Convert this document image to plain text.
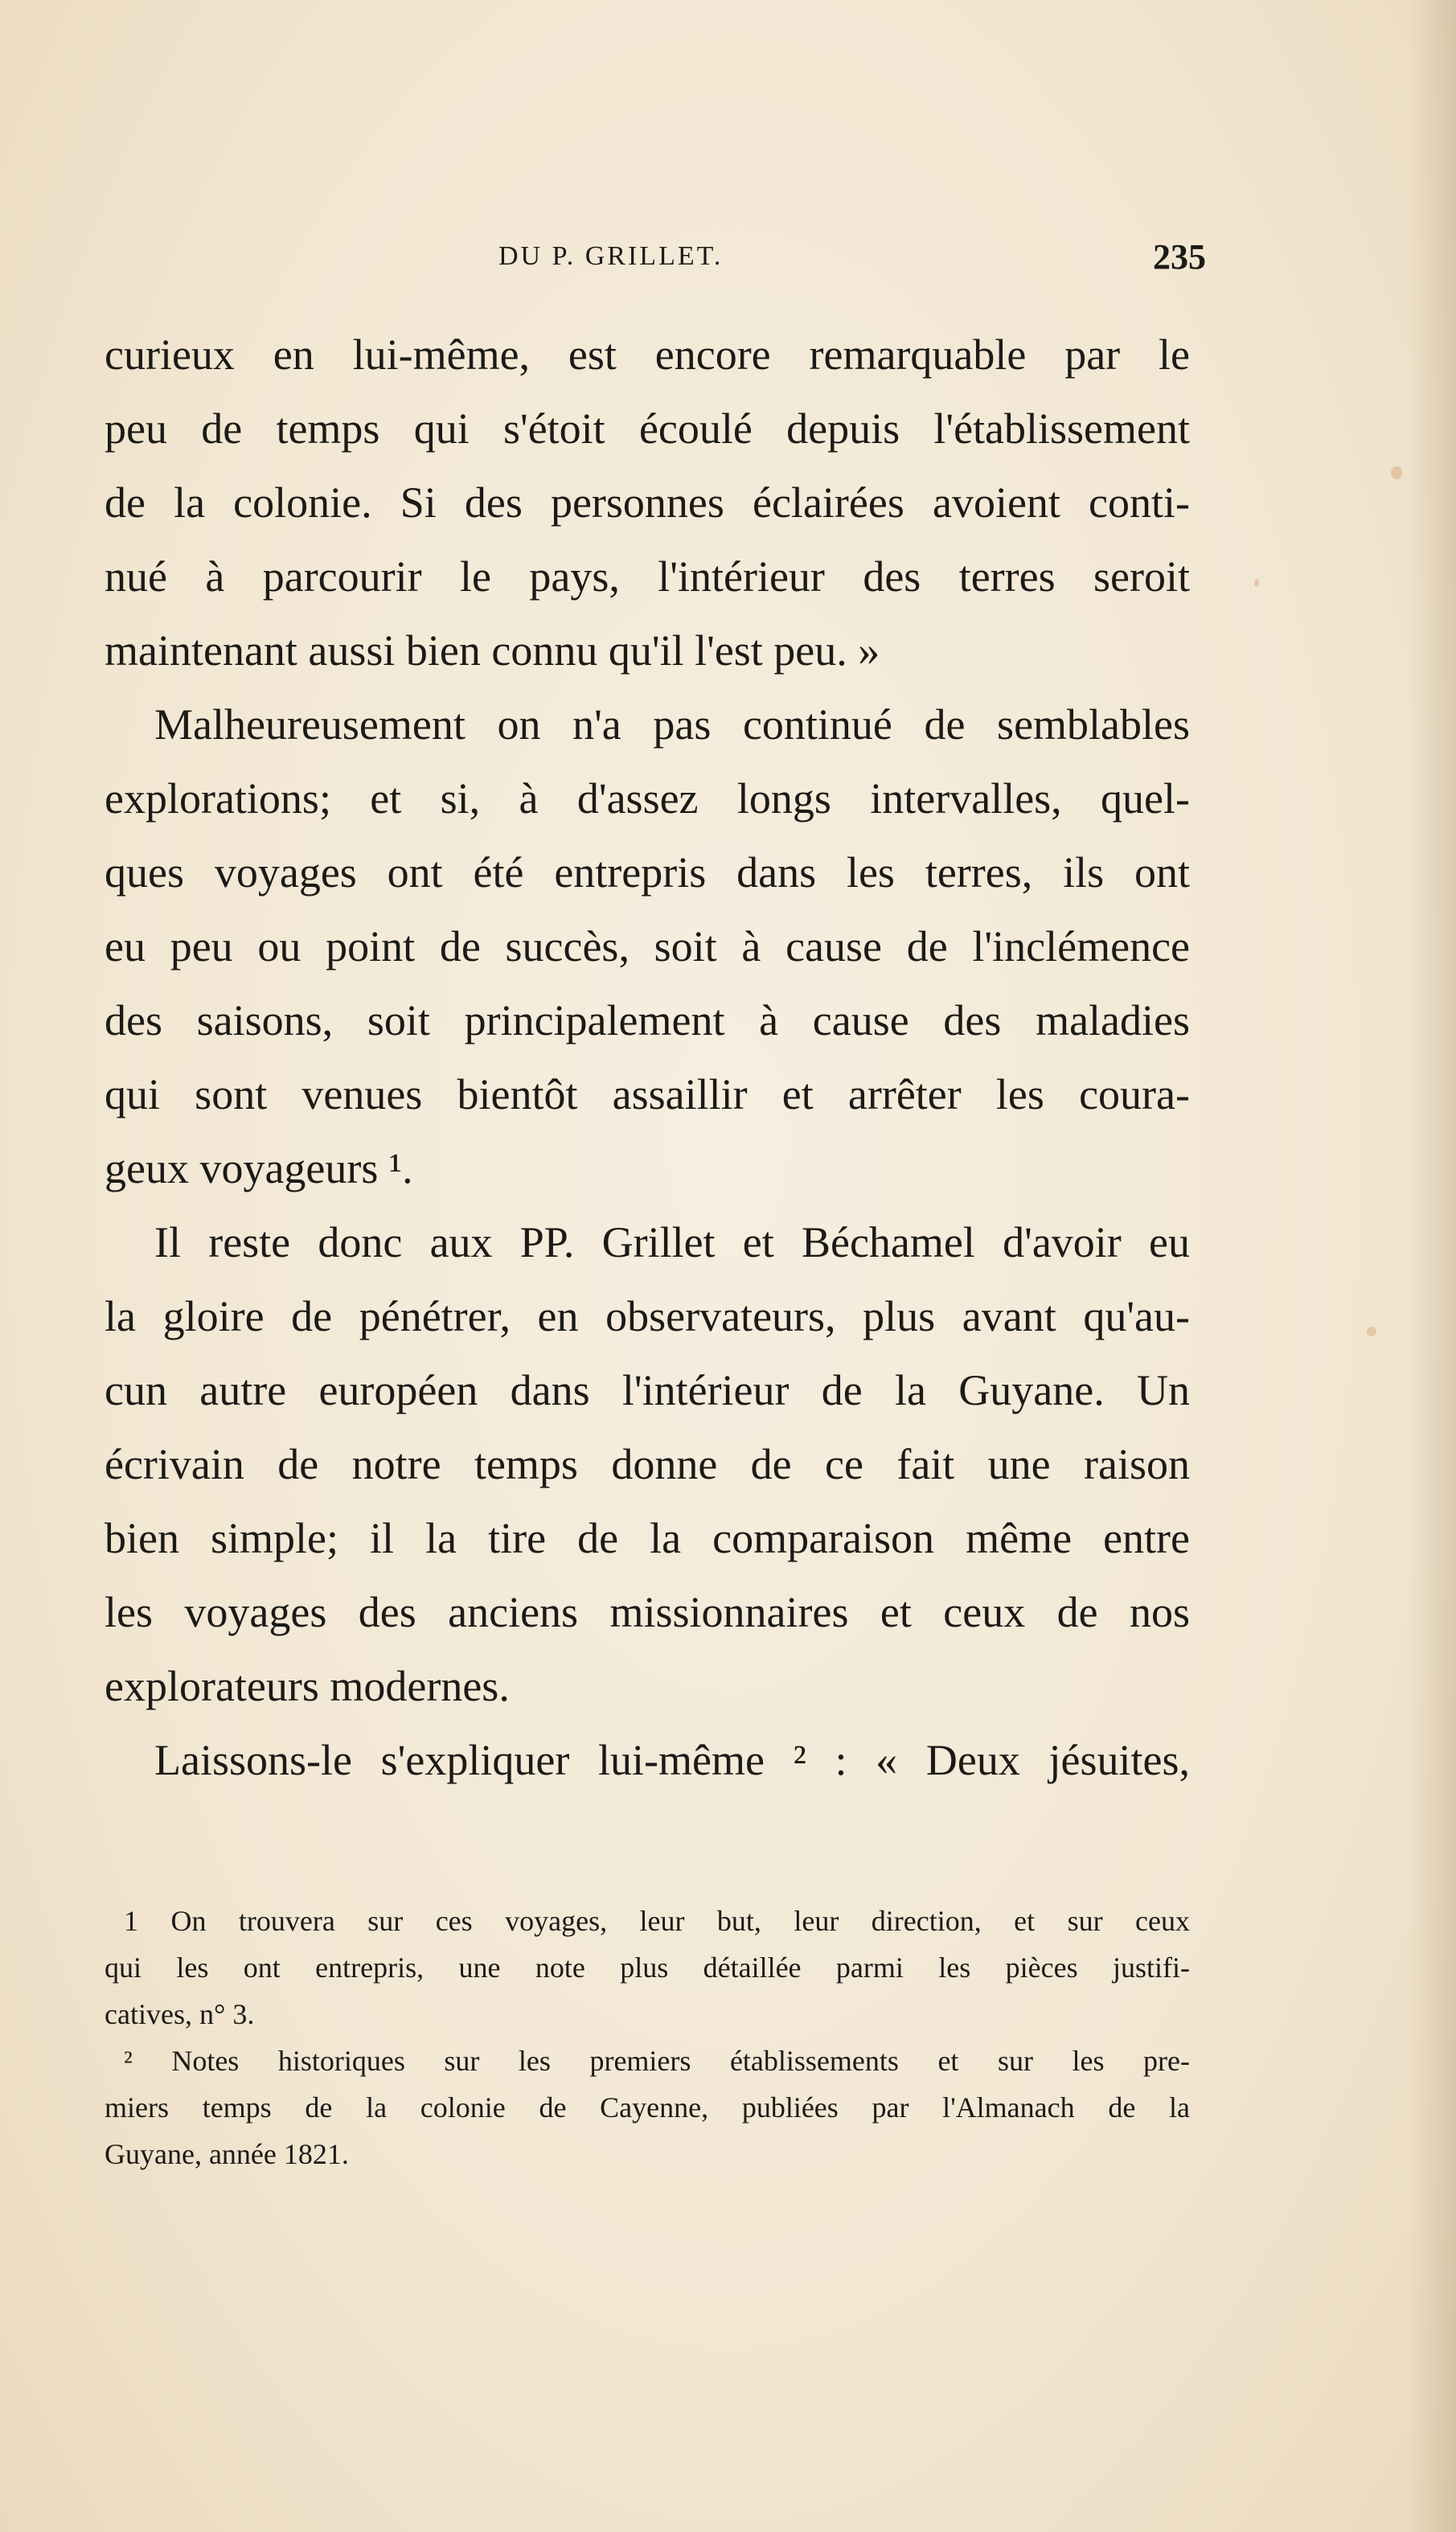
DU P. GRILLET.	235
curieux en lui-même, est encore remarquable par le
peu de temps qui s'étoit écoulé depuis l'établissement
de la colonie. Si des personnes éclairées avoient conti-
nué à parcourir le pays, l'intérieur des terres seroit
maintenant aussi bien connu qu'il l'est peu. »
Malheureusement on n'a pas continué de semblables
explorations; et si, à d'assez longs intervalles, quel-
ques voyages ont été entrepris dans les terres, ils ont
eu peu ou point de succès, soit à cause de l'inclémence
des saisons, soit principalement à cause des maladies
qui sont venues bientôt assaillir et arrêter les coura-
geux voyageurs ¹.
Il reste donc aux PP. Grillet et Béchamel d'avoir eu
la gloire de pénétrer, en observateurs, plus avant qu'au-
cun autre européen dans l'intérieur de la Guyane. Un
écrivain de notre temps donne de ce fait une raison
bien simple; il la tire de la comparaison même entre
les voyages des anciens missionnaires et ceux de nos
explorateurs modernes.
Laissons-le s'expliquer lui-même ² : « Deux jésuites,
1 On trouvera sur ces voyages, leur but, leur direction, et sur ceux
qui les ont entrepris, une note plus détaillée parmi les pièces justifi-
catives, n° 3.
² Notes historiques sur les premiers établissements et sur les pre-
miers temps de la colonie de Cayenne, publiées par l'Almanach de la
Guyane, année 1821.
